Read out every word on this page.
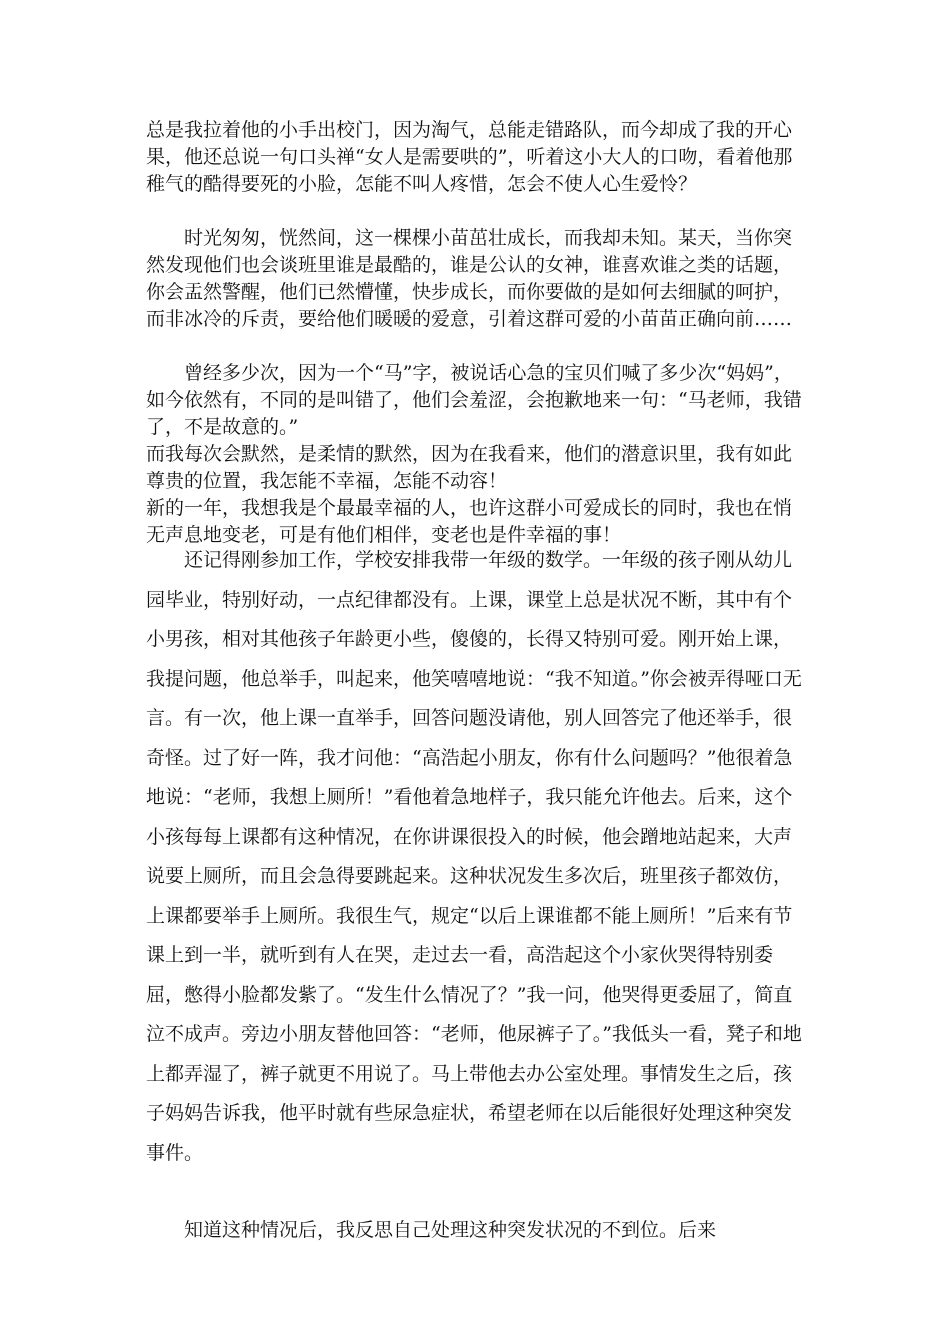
总是我拉着他的小手出校门，因为淘气，总能走错路队，而今却成了我的开心果，他还总说一句口头禅“女人是需要哄的”，听着这小大人的口吻，看着他那稚气的酷得要死的小脸，怎能不叫人疼惜，怎会不使人心生爱怜？

时光匆匆，恍然间，这一棵棵小苗茁壮成长，而我却未知。某天，当你突然发现他们也会谈班里谁是最酷的，谁是公认的女神，谁喜欢谁之类的话题，你会盂然警醒，他们已然懵懂，快步成长，而你要做的是如何去细腻的呵护，而非冰冷的斥责，要给他们暖暖的爱意，引着这群可爱的小苗苗正确向前……

曾经多少次，因为一个“马”字，被说话心急的宝贝们喊了多少次“妈妈”，如今依然有，不同的是叫错了，他们会羞涩，会抱歉地来一句：“马老师，我错了，不是故意的。”

而我每次会默然，是柔情的默然，因为在我看来，他们的潜意识里，我有如此尊贵的位置，我怎能不幸福，怎能不动容！

新的一年，我想我是个最最幸福的人，也许这群小可爱成长的同时，我也在悄无声息地变老，可是有他们相伴，变老也是件幸福的事！

还记得刚参加工作，学校安排我带一年级的数学。一年级的孩子刚从幼儿园毕业，特别好动，一点纪律都没有。上课，课堂上总是状况不断，其中有个小男孩，相对其他孩子年龄更小些，傻傻的，长得又特别可爱。刚开始上课，我提问题，他总举手，叫起来，他笑嘻嘻地说：“我不知道。”你会被弄得哑口无言。有一次，他上课一直举手，回答问题没请他，别人回答完了他还举手，很奇怪。过了好一阵，我才问他：“高浩起小朋友，你有什么问题吗？”他很着急地说：“老师，我想上厕所！”看他着急地样子，我只能允许他去。后来，这个小孩每每上课都有这种情况，在你讲课很投入的时候，他会蹭地站起来，大声说要上厕所，而且会急得要跳起来。这种状况发生多次后，班里孩子都效仿，上课都要举手上厕所。我很生气，规定“以后上课谁都不能上厕所！”后来有节课上到一半，就听到有人在哭，走过去一看，高浩起这个小家伙哭得特别委屈，憋得小脸都发紫了。“发生什么情况了？”我一问，他哭得更委屈了，简直泣不成声。旁边小朋友替他回答：“老师，他尿裤子了。”我低头一看，凳子和地上都弄湿了，裤子就更不用说了。马上带他去办公室处理。事情发生之后，孩子妈妈告诉我，他平时就有些尿急症状，希望老师在以后能很好处理这种突发事件。

知道这种情况后，我反思自己处理这种突发状况的不到位。后来
